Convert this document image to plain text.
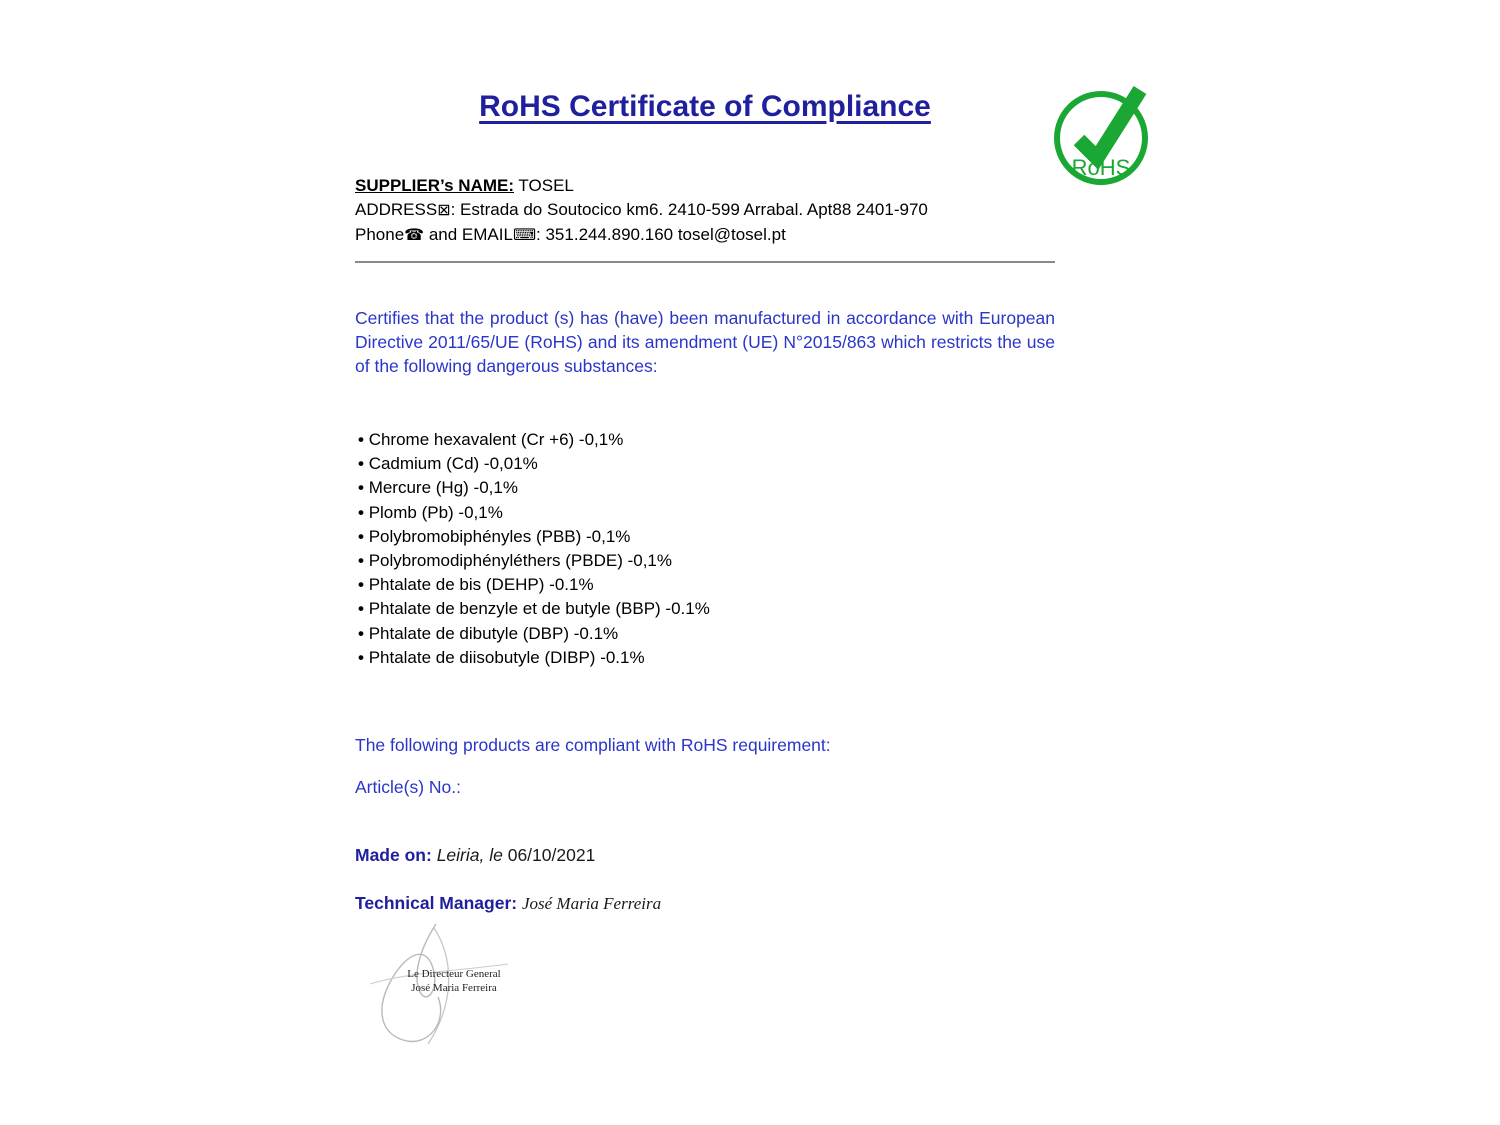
RoHS Certificate of Compliance
RoHS
SUPPLIER’s NAME: TOSEL
ADDRESS⊠: Estrada do Soutocico km6. 2410-599 Arrabal. Apt88 2401-970
Phone☎ and EMAIL⌨: 351.244.890.160 tosel@tosel.pt

Certifies that the product (s) has (have) been manufactured in accordance with European Directive 2011/65/UE (RoHS) and its amendment (UE) N°2015/863 which restricts the use of the following dangerous substances:

• Chrome hexavalent (Cr +6) -0,1%
• Cadmium (Cd) -0,01%
• Mercure (Hg) -0,1%
• Plomb (Pb) -0,1%
• Polybromobiphényles (PBB) -0,1%
• Polybromodiphényléthers (PBDE) -0,1%
• Phtalate de bis (DEHP) -0.1%
• Phtalate de benzyle et de butyle (BBP) -0.1%
• Phtalate de dibutyle (DBP) -0.1%
• Phtalate de diisobutyle (DIBP) -0.1%

The following products are compliant with RoHS requirement:

Article(s) No.:

Made on: Leiria, le 06/10/2021

Technical Manager: José Maria Ferreira

Le Directeur General
José Maria Ferreira
